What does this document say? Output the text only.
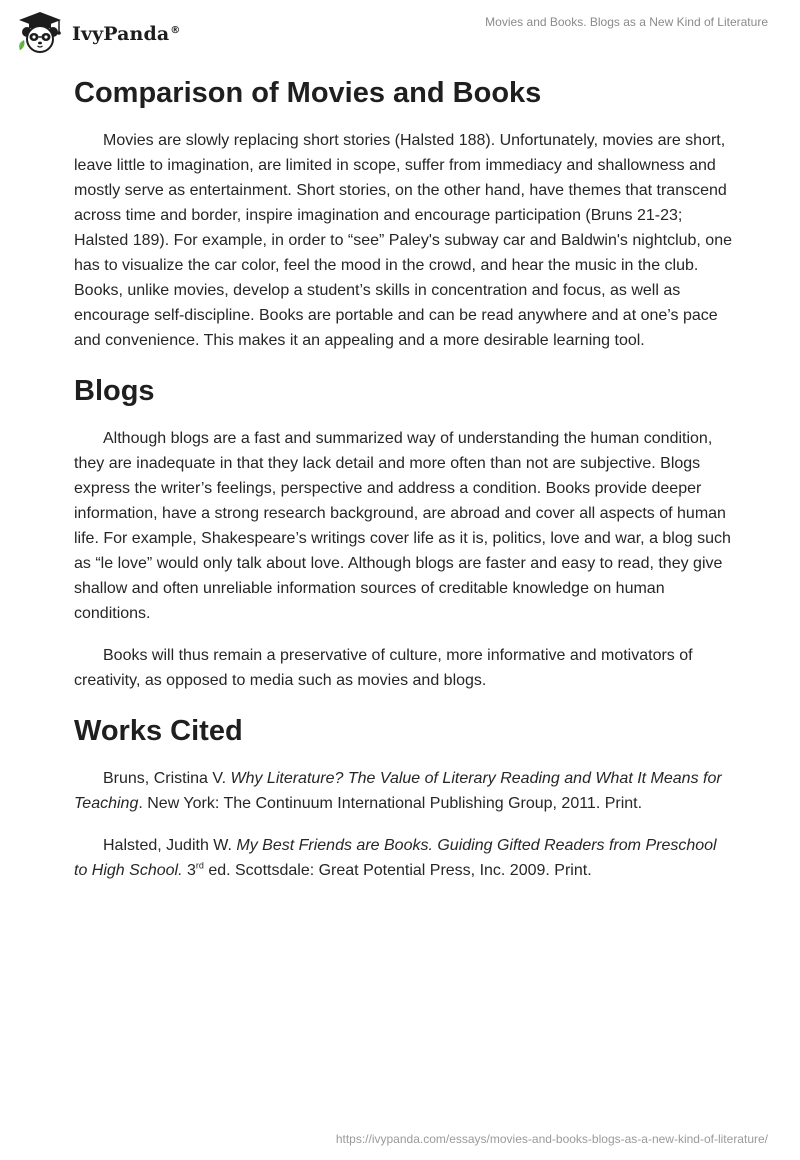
IvyPanda®
Movies and Books. Blogs as a New Kind of Literature
Comparison of Movies and Books

Movies are slowly replacing short stories (Halsted 188). Unfortunately, movies are short, leave little to imagination, are limited in scope, suffer from immediacy and shallowness and mostly serve as entertainment. Short stories, on the other hand, have themes that transcend across time and border, inspire imagination and encourage participation (Bruns 21-23; Halsted 189). For example, in order to “see” Paley's subway car and Baldwin's nightclub, one has to visualize the car color, feel the mood in the crowd, and hear the music in the club. Books, unlike movies, develop a student’s skills in concentration and focus, as well as encourage self-discipline. Books are portable and can be read anywhere and at one’s pace and convenience. This makes it an appealing and a more desirable learning tool.

Blogs

Although blogs are a fast and summarized way of understanding the human condition, they are inadequate in that they lack detail and more often than not are subjective. Blogs express the writer’s feelings, perspective and address a condition. Books provide deeper information, have a strong research background, are abroad and cover all aspects of human life. For example, Shakespeare’s writings cover life as it is, politics, love and war, a blog such as “le love” would only talk about love. Although blogs are faster and easy to read, they give shallow and often unreliable information sources of creditable knowledge on human conditions.

Books will thus remain a preservative of culture, more informative and motivators of creativity, as opposed to media such as movies and blogs.

Works Cited

Bruns, Cristina V. Why Literature? The Value of Literary Reading and What It Means for Teaching. New York: The Continuum International Publishing Group, 2011. Print.

Halsted, Judith W. My Best Friends are Books. Guiding Gifted Readers from Preschool to High School. 3rd ed. Scottsdale: Great Potential Press, Inc. 2009. Print.

https://ivypanda.com/essays/movies-and-books-blogs-as-a-new-kind-of-literature/
